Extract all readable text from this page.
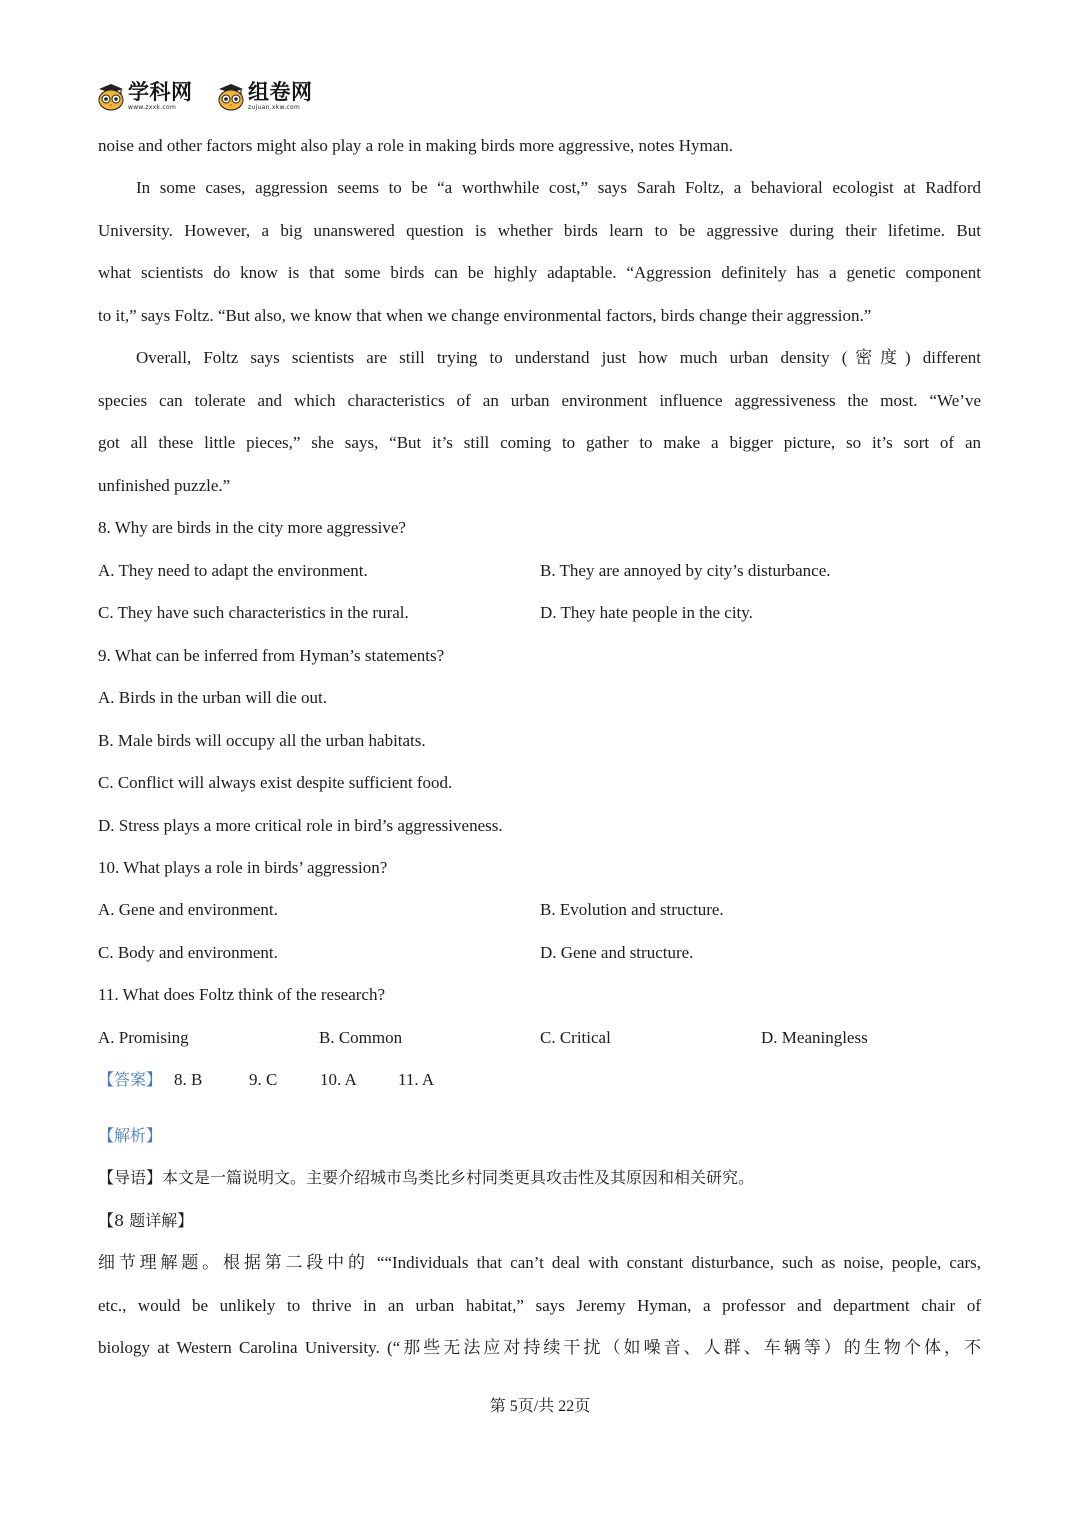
学科网
www.zxxk.com
组卷网
zujuan.xkw.com
noise and other factors might also play a role in making birds more aggressive, notes Hyman.
In some cases, aggression seems to be “a worthwhile cost,” says Sarah Foltz, a behavioral ecologist at Radford
University. However, a big unanswered question is whether birds learn to be aggressive during their lifetime. But
what scientists do know is that some birds can be highly adaptable. “Aggression definitely has a genetic component
to it,” says Foltz. “But also, we know that when we change environmental factors, birds change their aggression.”
Overall, Foltz says scientists are still trying to understand just how much urban density (密度) different
species can tolerate and which characteristics of an urban environment influence aggressiveness the most. “We’ve
got all these little pieces,” she says, “But it’s still coming to gather to make a bigger picture, so it’s sort of an
unfinished puzzle.”
8. Why are birds in the city more aggressive?
A. They need to adapt the environment.	B. They are annoyed by city’s disturbance.
C. They have such characteristics in the rural.	D. They hate people in the city.
9. What can be inferred from Hyman’s statements?
A. Birds in the urban will die out.
B. Male birds will occupy all the urban habitats.
C. Conflict will always exist despite sufficient food.
D. Stress plays a more critical role in bird’s aggressiveness.
10. What plays a role in birds’ aggression?
A. Gene and environment.	B. Evolution and structure.
C. Body and environment.	D. Gene and structure.
11. What does Foltz think of the research?
A. Promising	B. Common	C. Critical	D. Meaningless
【答案】 8. B	9. C	10. A 11. A
【解析】
【导语】本文是一篇说明文。主要介绍城市鸟类比乡村同类更具攻击性及其原因和相关研究。
【8 题详解】
细节理解题。根据第二段中的 ““Individuals that can’t deal with constant disturbance, such as noise, people, cars,
etc., would be unlikely to thrive in an urban habitat,” says Jeremy Hyman, a professor and department chair of
biology at Western Carolina University. (“那些无法应对持续干扰（如噪音、人群、车辆等）的生物个体，不
第 5页/共 22页
